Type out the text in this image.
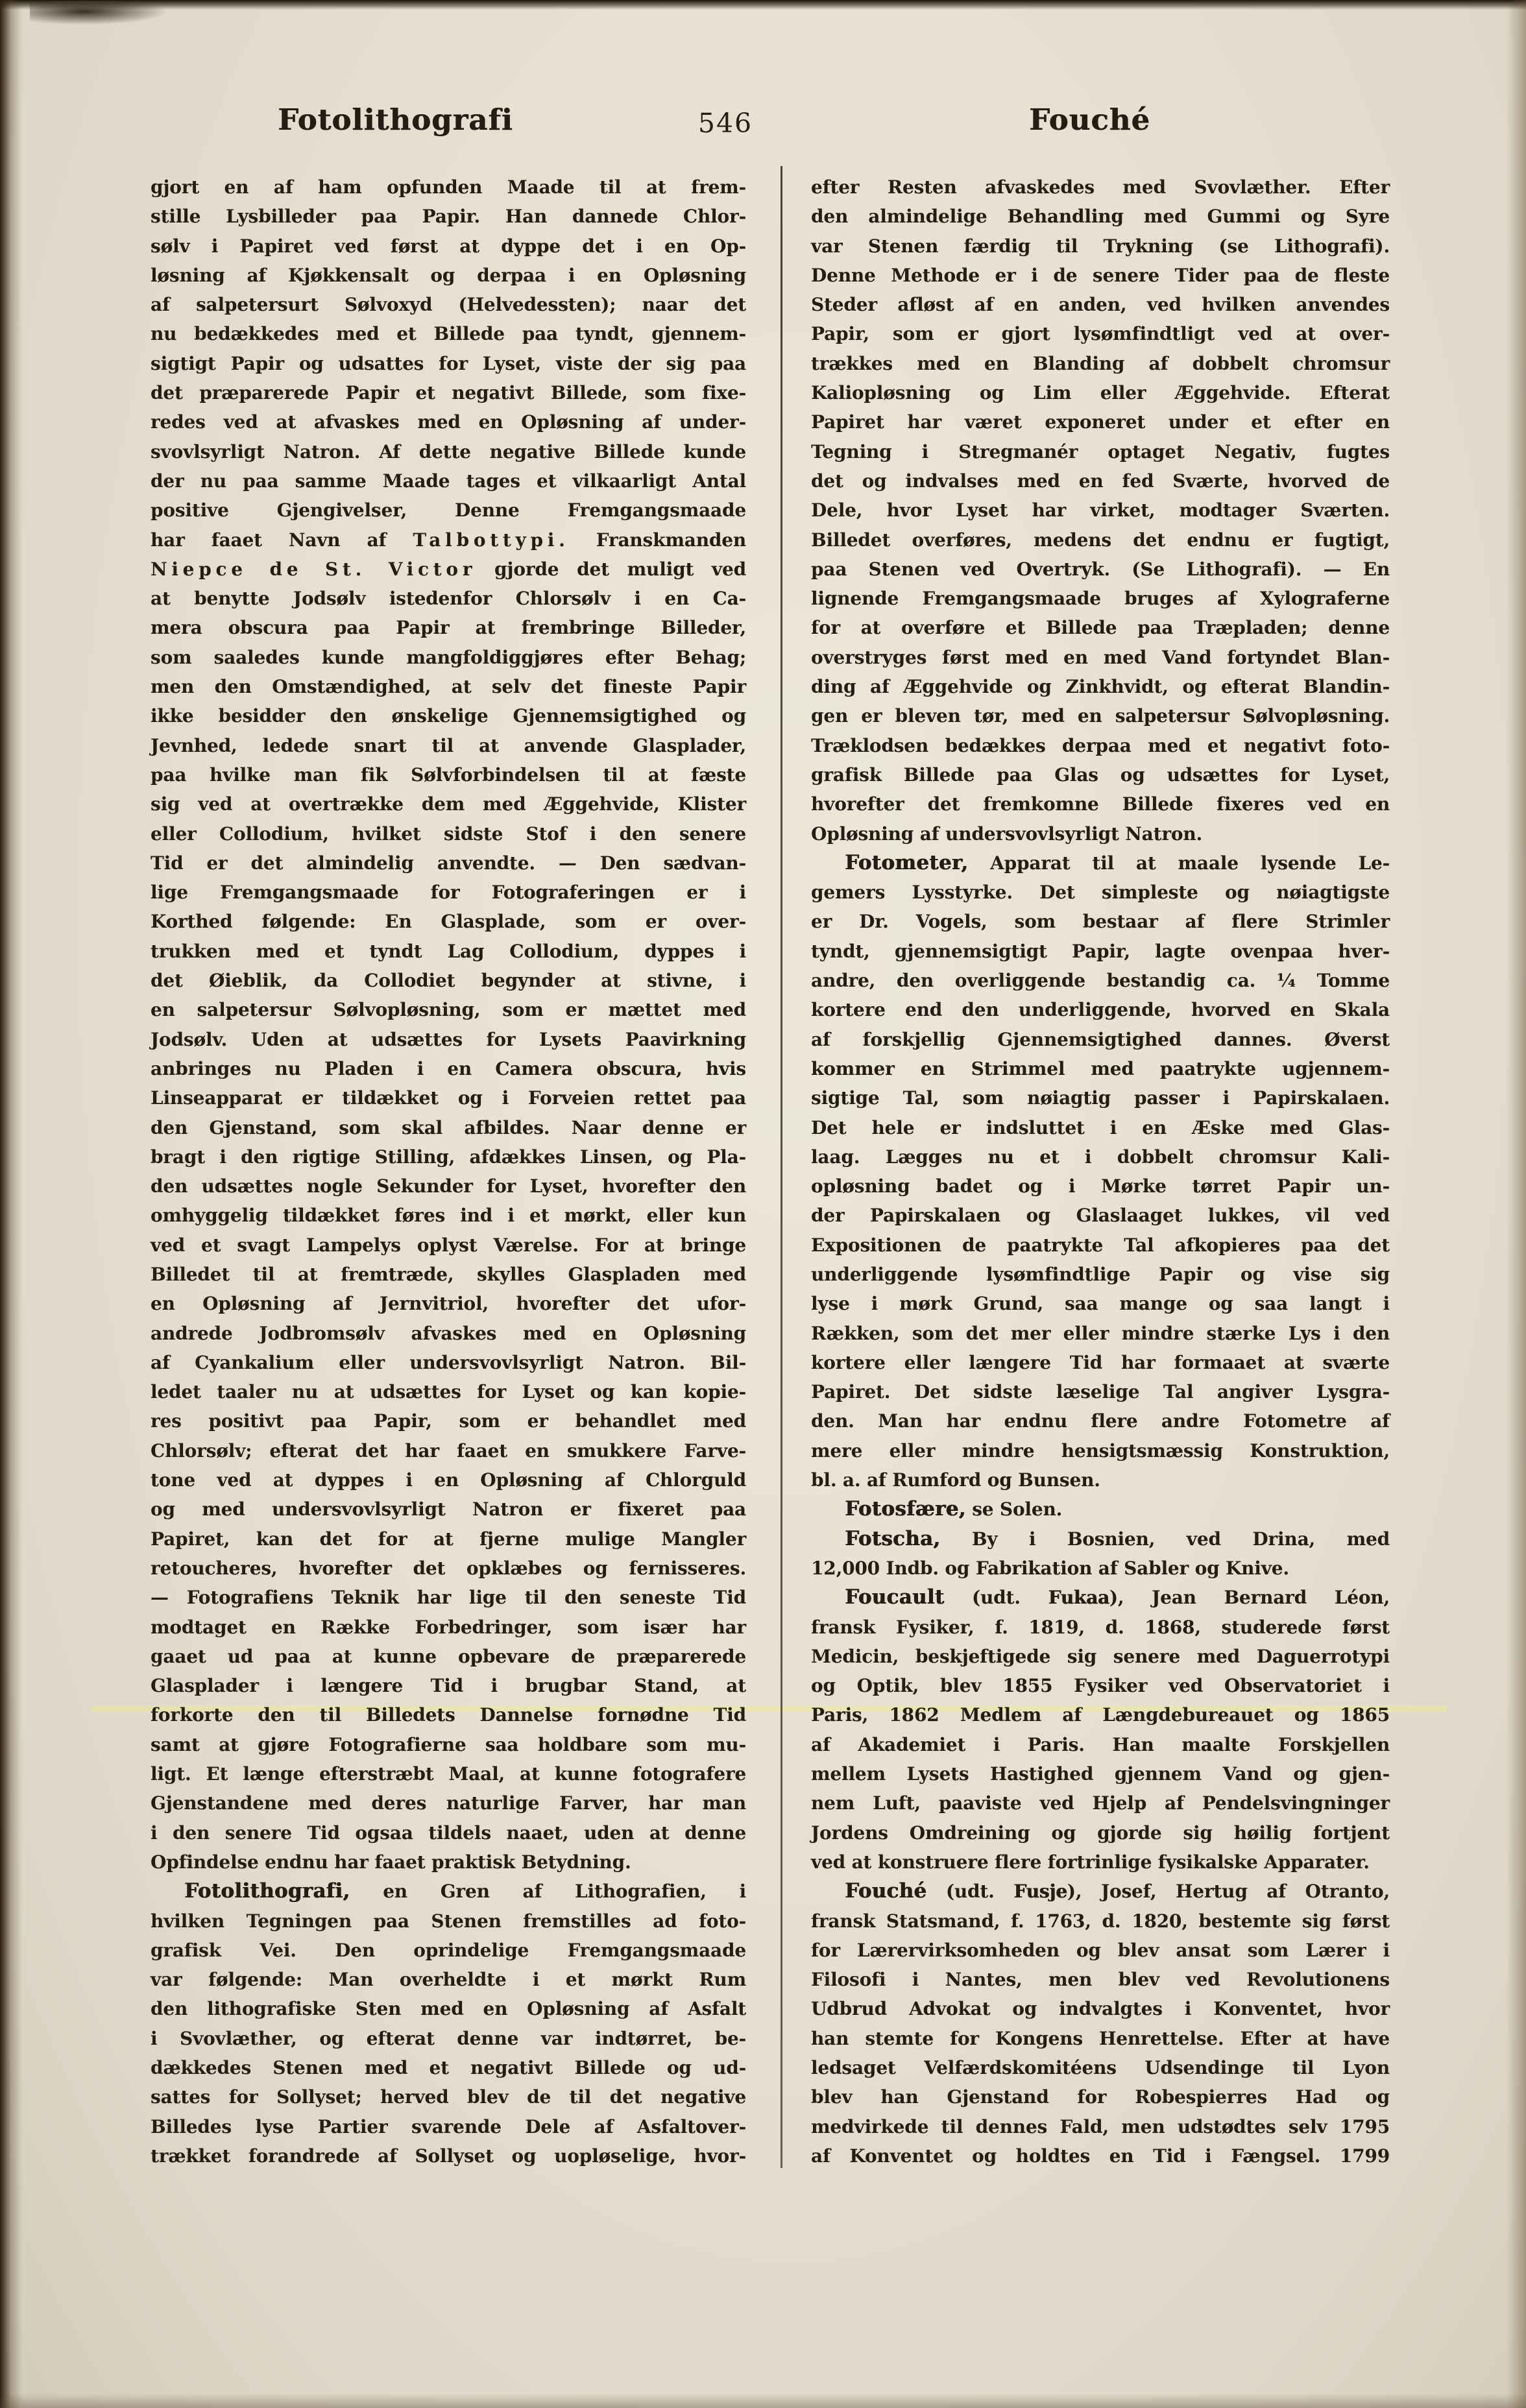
Fotolithografi	546	Fouché
gjort en af ham opfunden Maade til at frem-
stille Lysbilleder paa Papir. Han dannede Chlor-
sølv i Papiret ved først at dyppe det i en Op-
løsning af Kjøkkensalt og derpaa i en Opløsning
af salpetersurt Sølvoxyd (Helvedessten); naar det
nu bedækkedes med et Billede paa tyndt, gjennem-
sigtigt Papir og udsattes for Lyset, viste der sig paa
det præparerede Papir et negativt Billede, som fixe-
redes ved at afvaskes med en Opløsning af under-
svovlsyrligt Natron. Af dette negative Billede kunde
der nu paa samme Maade tages et vilkaarligt Antal
positive Gjengivelser, Denne Fremgangsmaade
har faaet Navn af Talbottypi. Franskmanden
Niepce de St. Victor gjorde det muligt ved
at benytte Jodsølv istedenfor Chlorsølv i en Ca-
mera obscura paa Papir at frembringe Billeder,
som saaledes kunde mangfoldiggjøres efter Behag;
men den Omstændighed, at selv det fineste Papir
ikke besidder den ønskelige Gjennemsigtighed og
Jevnhed, ledede snart til at anvende Glasplader,
paa hvilke man fik Sølvforbindelsen til at fæste
sig ved at overtrække dem med Æggehvide, Klister
eller Collodium, hvilket sidste Stof i den senere
Tid er det almindelig anvendte. — Den sædvan-
lige Fremgangsmaade for Fotograferingen er i
Korthed følgende: En Glasplade, som er over-
trukken med et tyndt Lag Collodium, dyppes i
det Øieblik, da Collodiet begynder at stivne, i
en salpetersur Sølvopløsning, som er mættet med
Jodsølv. Uden at udsættes for Lysets Paavirkning
anbringes nu Pladen i en Camera obscura, hvis
Linseapparat er tildækket og i Forveien rettet paa
den Gjenstand, som skal afbildes. Naar denne er
bragt i den rigtige Stilling, afdækkes Linsen, og Pla-
den udsættes nogle Sekunder for Lyset, hvorefter den
omhyggelig tildækket føres ind i et mørkt, eller kun
ved et svagt Lampelys oplyst Værelse. For at bringe
Billedet til at fremtræde, skylles Glaspladen med
en Opløsning af Jernvitriol, hvorefter det ufor-
andrede Jodbromsølv afvaskes med en Opløsning
af Cyankalium eller undersvovlsyrligt Natron. Bil-
ledet taaler nu at udsættes for Lyset og kan kopie-
res positivt paa Papir, som er behandlet med
Chlorsølv; efterat det har faaet en smukkere Farve-
tone ved at dyppes i en Opløsning af Chlorguld
og med undersvovlsyrligt Natron er fixeret paa
Papiret, kan det for at fjerne mulige Mangler
retoucheres, hvorefter det opklæbes og fernisseres.
— Fotografiens Teknik har lige til den seneste Tid
modtaget en Række Forbedringer, som især har
gaaet ud paa at kunne opbevare de præparerede
Glasplader i længere Tid i brugbar Stand, at
forkorte den til Billedets Dannelse fornødne Tid
samt at gjøre Fotografierne saa holdbare som mu-
ligt. Et længe efterstræbt Maal, at kunne fotografere
Gjenstandene med deres naturlige Farver, har man
i den senere Tid ogsaa tildels naaet, uden at denne
Opfindelse endnu har faaet praktisk Betydning.
Fotolithografi, en Gren af Lithografien, i
hvilken Tegningen paa Stenen fremstilles ad foto-
grafisk Vei. Den oprindelige Fremgangsmaade
var følgende: Man overheldte i et mørkt Rum
den lithografiske Sten med en Opløsning af Asfalt
i Svovlæther, og efterat denne var indtørret, be-
dækkedes Stenen med et negativt Billede og ud-
sattes for Sollyset; herved blev de til det negative
Billedes lyse Partier svarende Dele af Asfaltover-
trækket forandrede af Sollyset og uopløselige, hvor-
efter Resten afvaskedes med Svovlæther. Efter
den almindelige Behandling med Gummi og Syre
var Stenen færdig til Trykning (se Lithografi).
Denne Methode er i de senere Tider paa de fleste
Steder afløst af en anden, ved hvilken anvendes
Papir, som er gjort lysømfindtligt ved at over-
trækkes med en Blanding af dobbelt chromsur
Kaliopløsning og Lim eller Æggehvide. Efterat
Papiret har været exponeret under et efter en
Tegning i Stregmanér optaget Negativ, fugtes
det og indvalses med en fed Sværte, hvorved de
Dele, hvor Lyset har virket, modtager Sværten.
Billedet overføres, medens det endnu er fugtigt,
paa Stenen ved Overtryk. (Se Lithografi). — En
lignende Fremgangsmaade bruges af Xylograferne
for at overføre et Billede paa Træpladen; denne
overstryges først med en med Vand fortyndet Blan-
ding af Æggehvide og Zinkhvidt, og efterat Blandin-
gen er bleven tør, med en salpetersur Sølvopløsning.
Træklodsen bedækkes derpaa med et negativt foto-
grafisk Billede paa Glas og udsættes for Lyset,
hvorefter det fremkomne Billede fixeres ved en
Opløsning af undersvovlsyrligt Natron.
Fotometer, Apparat til at maale lysende Le-
gemers Lysstyrke. Det simpleste og nøiagtigste
er Dr. Vogels, som bestaar af flere Strimler
tyndt, gjennemsigtigt Papir, lagte ovenpaa hver-
andre, den overliggende bestandig ca. ¼ Tomme
kortere end den underliggende, hvorved en Skala
af forskjellig Gjennemsigtighed dannes. Øverst
kommer en Strimmel med paatrykte ugjennem-
sigtige Tal, som nøiagtig passer i Papirskalaen.
Det hele er indsluttet i en Æske med Glas-
laag. Lægges nu et i dobbelt chromsur Kali-
opløsning badet og i Mørke tørret Papir un-
der Papirskalaen og Glaslaaget lukkes, vil ved
Expositionen de paatrykte Tal afkopieres paa det
underliggende lysømfindtlige Papir og vise sig
lyse i mørk Grund, saa mange og saa langt i
Rækken, som det mer eller mindre stærke Lys i den
kortere eller længere Tid har formaaet at sværte
Papiret. Det sidste læselige Tal angiver Lysgra-
den. Man har endnu flere andre Fotometre af
mere eller mindre hensigtsmæssig Konstruktion,
bl. a. af Rumford og Bunsen.
Fotosfære, se Solen.
Fotscha, By i Bosnien, ved Drina, med
12,000 Indb. og Fabrikation af Sabler og Knive.
Foucault (udt. Fukaa), Jean Bernard Léon,
fransk Fysiker, f. 1819, d. 1868, studerede først
Medicin, beskjeftigede sig senere med Daguerrotypi
og Optik, blev 1855 Fysiker ved Observatoriet i
Paris, 1862 Medlem af Længdebureauet og 1865
af Akademiet i Paris. Han maalte Forskjellen
mellem Lysets Hastighed gjennem Vand og gjen-
nem Luft, paaviste ved Hjelp af Pendelsvingninger
Jordens Omdreining og gjorde sig høilig fortjent
ved at konstruere flere fortrinlige fysikalske Apparater.
Fouché (udt. Fusje), Josef, Hertug af Otranto,
fransk Statsmand, f. 1763, d. 1820, bestemte sig først
for Lærervirksomheden og blev ansat som Lærer i
Filosofi i Nantes, men blev ved Revolutionens
Udbrud Advokat og indvalgtes i Konventet, hvor
han stemte for Kongens Henrettelse. Efter at have
ledsaget Velfærdskomitéens Udsendinge til Lyon
blev han Gjenstand for Robespierres Had og
medvirkede til dennes Fald, men udstødtes selv 1795
af Konventet og holdtes en Tid i Fængsel. 1799
